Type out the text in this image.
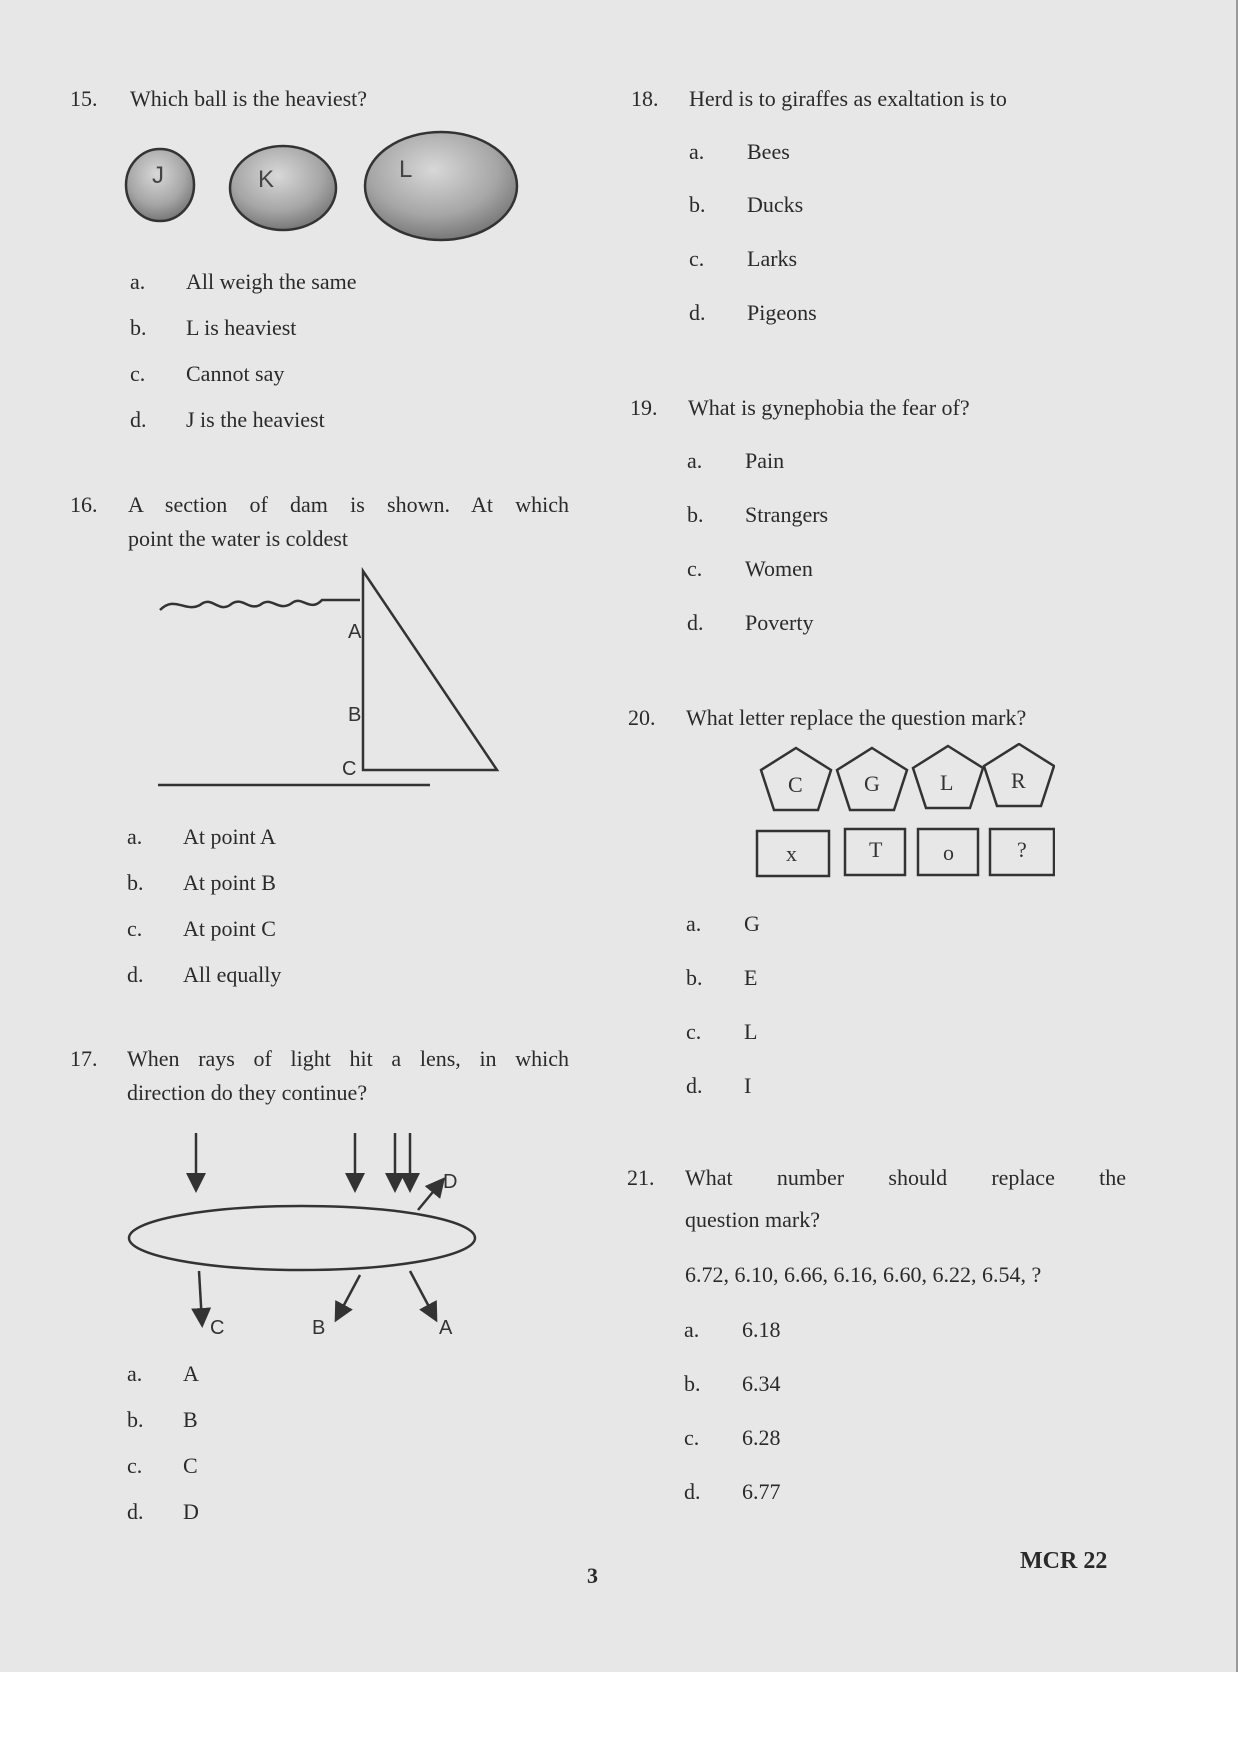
15. Which ball is the heaviest?
J	K	L
a. All weigh the same
b. L is heaviest
c. Cannot say
d. J is the heaviest
16. A section of dam is shown. At which
point the water is coldest
A
B
C
a. At point A
b. At point B
c. At point C
d. All equally
17. When rays of light hit a lens, in which
direction do they continue?
D
C	B	A
a. A
b. B
c. C
d. D
18. Herd is to giraffes as exaltation is to
a. Bees
b. Ducks
c. Larks
d. Pigeons
19. What is gynephobia the fear of?
a. Pain
b. Strangers
c. Women
d. Poverty
20. What letter replace the question mark?
C	G	L	R
x	T	o	?
a. G
b. E
c. L
d. I
21. What number should replace the
question mark?
6.72, 6.10, 6.66, 6.16, 6.60, 6.22, 6.54, ?
a. 6.18
b. 6.34
c. 6.28
d. 6.77
3
MCR 22
